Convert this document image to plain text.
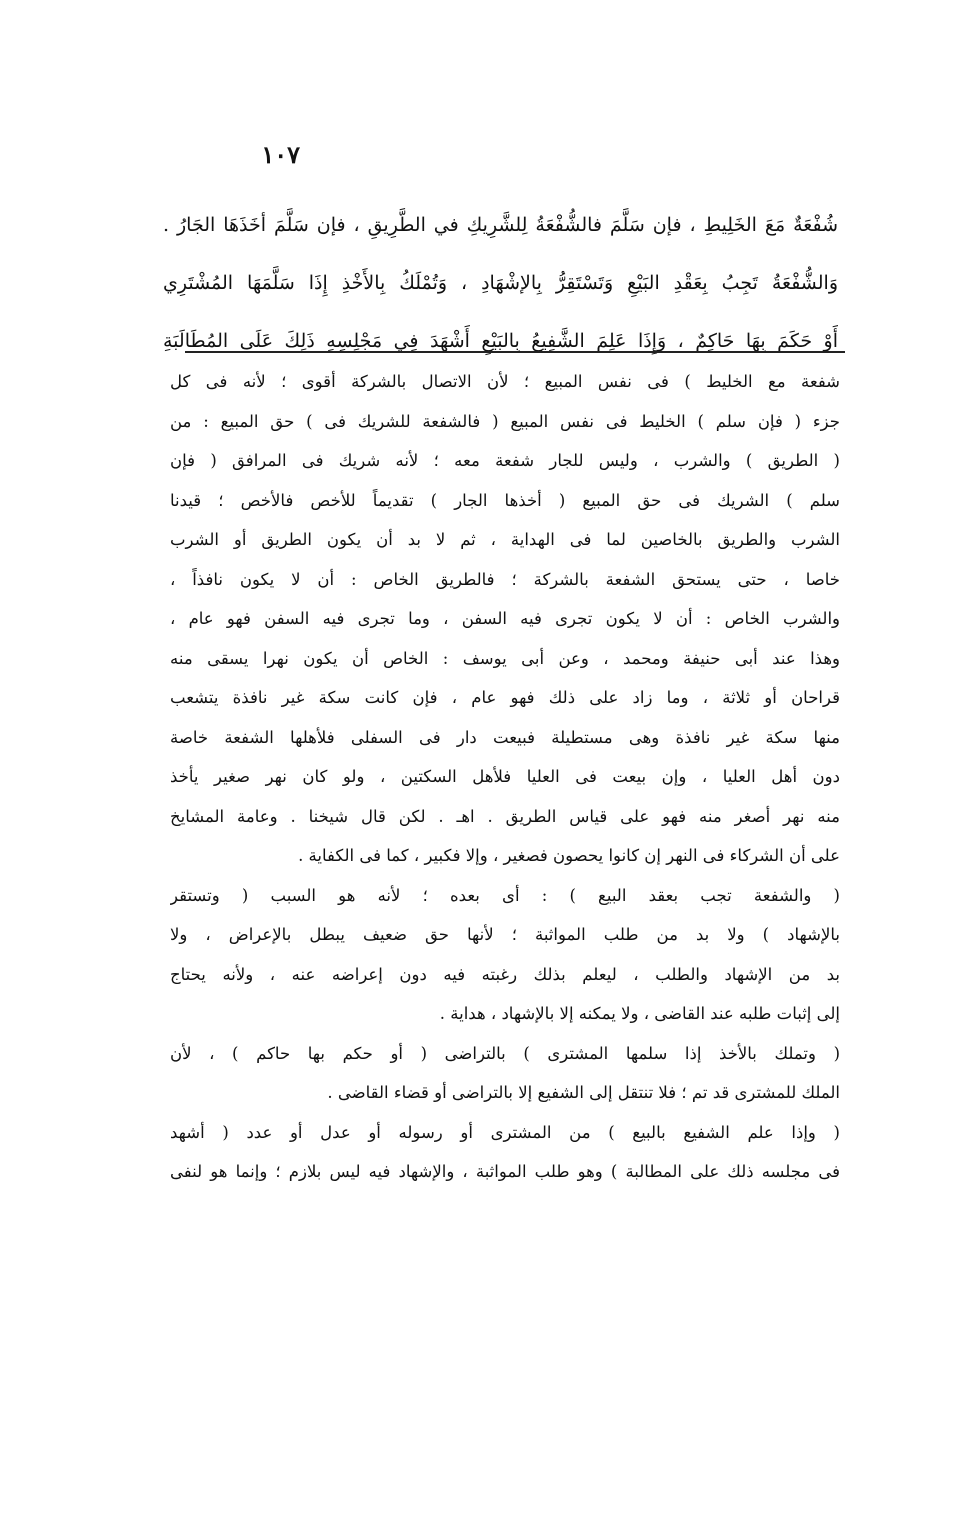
١٠٧
شُفْعَةٌ مَعَ الخَلِيطِ ، فإن سَلَّمَ فالشُّفْعَةُ لِلشَّرِيكِ في الطَّرِيقِ ، فإن سَلَّمَ أخَذَهَا الجَارُ .
وَالشُّفْعَةُ تَجِبُ بِعَقْدِ البَيْعِ وَتَسْتَقِرُّ بِالإشْهَادِ ، وَتُمْلَكُ بِالأَخْذِ إِذَا سَلَّمَهَا المُشْتَرِي
أَوْ حَكَمَ بِهَا حَاكِمٌ ، وَإِذَا عَلِمَ الشَّفِيعُ بِالبَيْعِ أَشْهَدَ فِي مَجْلِسِهِ ذَلِكَ عَلَى المُطَالَبَةِ
شفعة مع الخليط ) فى نفس المبيع ؛ لأن الاتصال بالشركة أقوى ؛ لأنه فى كل
جزء ( فإن سلم ) الخليط فى نفس المبيع ( فالشفعة للشريك فى ) حق المبيع : من
( الطريق ) والشرب ، وليس للجار شفعة معه ؛ لأنه شريك فى المرافق ( فإن
سلم ) الشريك فى حق المبيع ( أخذها الجار ) تقديماً للأخص فالأخص ؛ قيدنا
الشرب والطريق بالخاصين لما فى الهداية ، ثم لا بد أن يكون الطريق أو الشرب
خاصا ، حتى يستحق الشفعة بالشركة ؛ فالطريق الخاص : أن لا يكون نافذاً ،
والشرب الخاص : أن لا يكون تجرى فيه السفن ، وما تجرى فيه السفن فهو عام ،
وهذا عند أبى حنيفة ومحمد ، وعن أبى يوسف : الخاص أن يكون نهرا يسقى منه
قراحان أو ثلاثة ، وما زاد على ذلك فهو عام ، فإن كانت سكة غير نافذة يتشعب
منها سكة غير نافذة وهى مستطيلة فبيعت دار فى السفلى فلأهلها الشفعة خاصة
دون أهل العليا ، وإن بيعت فى العليا فلأهل السكتين ، ولو كان نهر صغير يأخذ
منه نهر أصغر منه فهو على قياس الطريق . اهـ . لكن قال شيخنا . وعامة المشايخ
على أن الشركاء فى النهر إن كانوا يحصون فصغير ، وإلا فكبير ، كما فى الكفاية .
( والشفعة تجب بعقد البيع ) : أى بعده ؛ لأنه هو السبب ( وتستقر
بالإشهاد ) ولا بد من طلب المواثبة ؛ لأنها حق ضعيف يبطل بالإعراض ، ولا
بد من الإشهاد والطلب ، ليعلم بذلك رغبته فيه دون إعراضه عنه ، ولأنه يحتاج
إلى إثبات طلبه عند القاضى ، ولا يمكنه إلا بالإشهاد ، هداية .
( وتملك بالأخذ إذا سلمها المشترى ) بالتراضى ( أو حكم بها حاكم ) ، لأن
الملك للمشترى قد تم ؛ فلا تنتقل إلى الشفيع إلا بالتراضى أو قضاء القاضى .
( وإذا علم الشفيع بالبيع ) من المشترى أو رسوله أو عدل أو عدد ( أشهد
فى مجلسه ذلك على المطالبة ) وهو طلب المواثبة ، والإشهاد فيه ليس بلازم ؛ وإنما هو لنفى
